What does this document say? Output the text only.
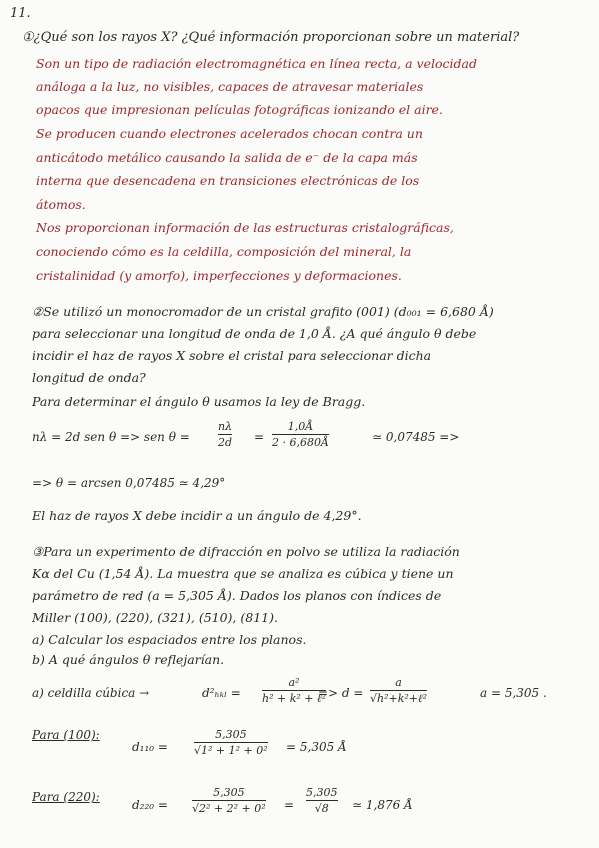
11.
①¿Qué son los rayos X? ¿Qué información proporcionan sobre un material?
Son un tipo de radiación electromagnética en línea recta, a velocidad
análoga a la luz, no visibles, capaces de atravesar materiales
opacos que impresionan películas fotográficas ionizando el aire.
Se producen cuando electrones acelerados chocan contra un
anticátodo metálico causando la salida de e⁻ de la capa más
interna que desencadena en transiciones electrónicas de los
átomos.
Nos proporcionan información de las estructuras cristalográficas,
conociendo cómo es la celdilla, composición del mineral, la
cristalinidad (y amorfo), imperfecciones y deformaciones.
②Se utilizó un monocromador de un cristal grafito (001) (d₀₀₁ = 6,680 Å)
para seleccionar una longitud de onda de 1,0 Å. ¿A qué ángulo θ debe
incidir el haz de rayos X sobre el cristal para seleccionar dicha
longitud de onda?
Para determinar el ángulo θ usamos la ley de Bragg.
nλ = 2d sen θ => sen θ =
nλ
2d =
1,0Å
2 · 6,680Å	≃ 0,07485 =>
=> θ = arcsen 0,07485 ≃ 4,29°
El haz de rayos X debe incidir a un ángulo de 4,29°.
③Para un experimento de difracción en polvo se utiliza la radiación
Kα del Cu (1,54 Å). La muestra que se analiza es cúbica y tiene un
parámetro de red (a = 5,305 Å). Dados los planos con índices de
Miller (100), (220), (321), (510), (811).
a) Calcular los espaciados entre los planos.
b) A qué ángulos θ reflejarían.
a) celdilla cúbica →	d²ₕₖₗ =
a²
h² + k² + ℓ²
=> d =
a
√h²+k²+ℓ²	a = 5,305 .
Para (100):
d₁₁₀ =
5,305
√1² + 1² + 0² = 5,305 Å
Para (220):
d₂₂₀ =
5,305
√2² + 2² + 0² =
5,305
√8 ≃ 1,876 Å
